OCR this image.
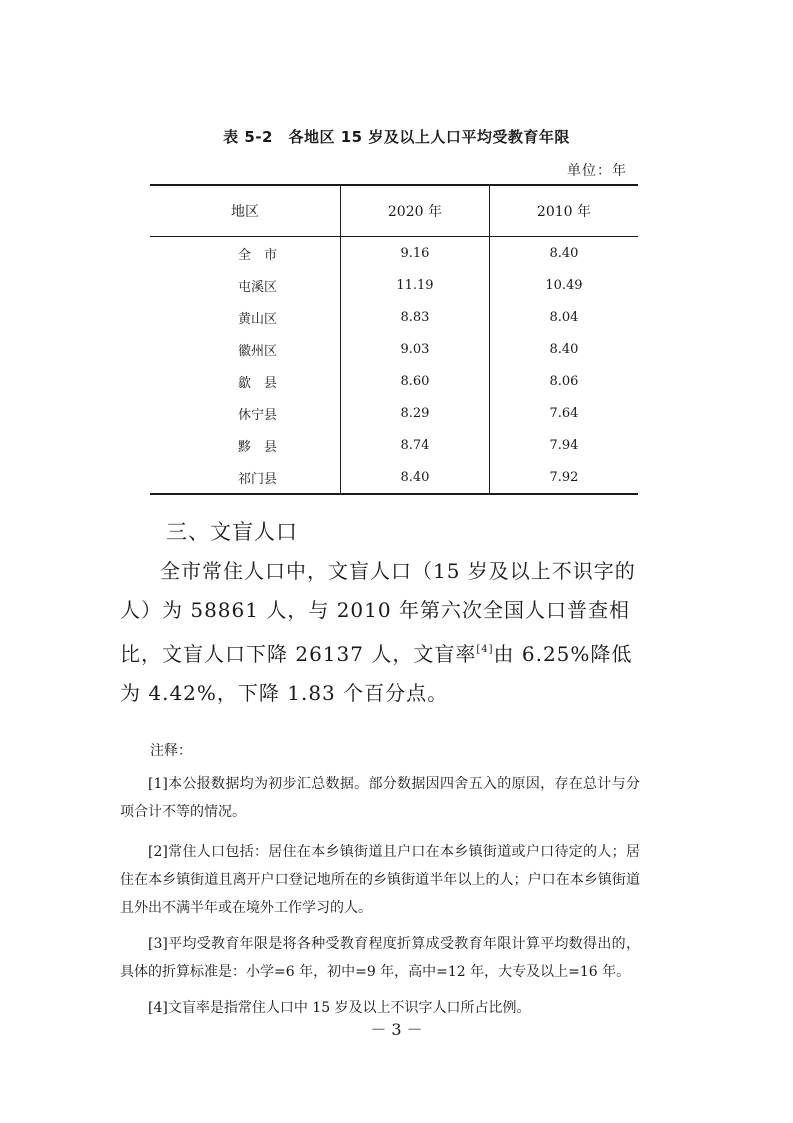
表 5-2　各地区 15 岁及以上人口平均受教育年限
单位：年
地区	2020 年	2010 年
全　市	9.16	8.40
屯溪区	11.19	10.49
黄山区	8.83	8.04
徽州区	9.03	8.40
歙　县	8.60	8.06
休宁县	8.29	7.64
黟　县	8.74	7.94
祁门县	8.40	7.92
三、文盲人口

全市常住人口中，文盲人口（15 岁及以上不识字的人）为 58861 人，与 2010 年第六次全国人口普查相比，文盲人口下降 26137 人，文盲率[4]由 6.25%降低为 4.42%，下降 1.83 个百分点。

注释：

[1]本公报数据均为初步汇总数据。部分数据因四舍五入的原因，存在总计与分项合计不等的情况。

[2]常住人口包括：居住在本乡镇街道且户口在本乡镇街道或户口待定的人；居住在本乡镇街道且离开户口登记地所在的乡镇街道半年以上的人；户口在本乡镇街道且外出不满半年或在境外工作学习的人。

[3]平均受教育年限是将各种受教育程度折算成受教育年限计算平均数得出的，具体的折算标准是：小学=6 年，初中=9 年，高中=12 年，大专及以上=16 年。

[4]文盲率是指常住人口中 15 岁及以上不识字人口所占比例。

－ 3 －
